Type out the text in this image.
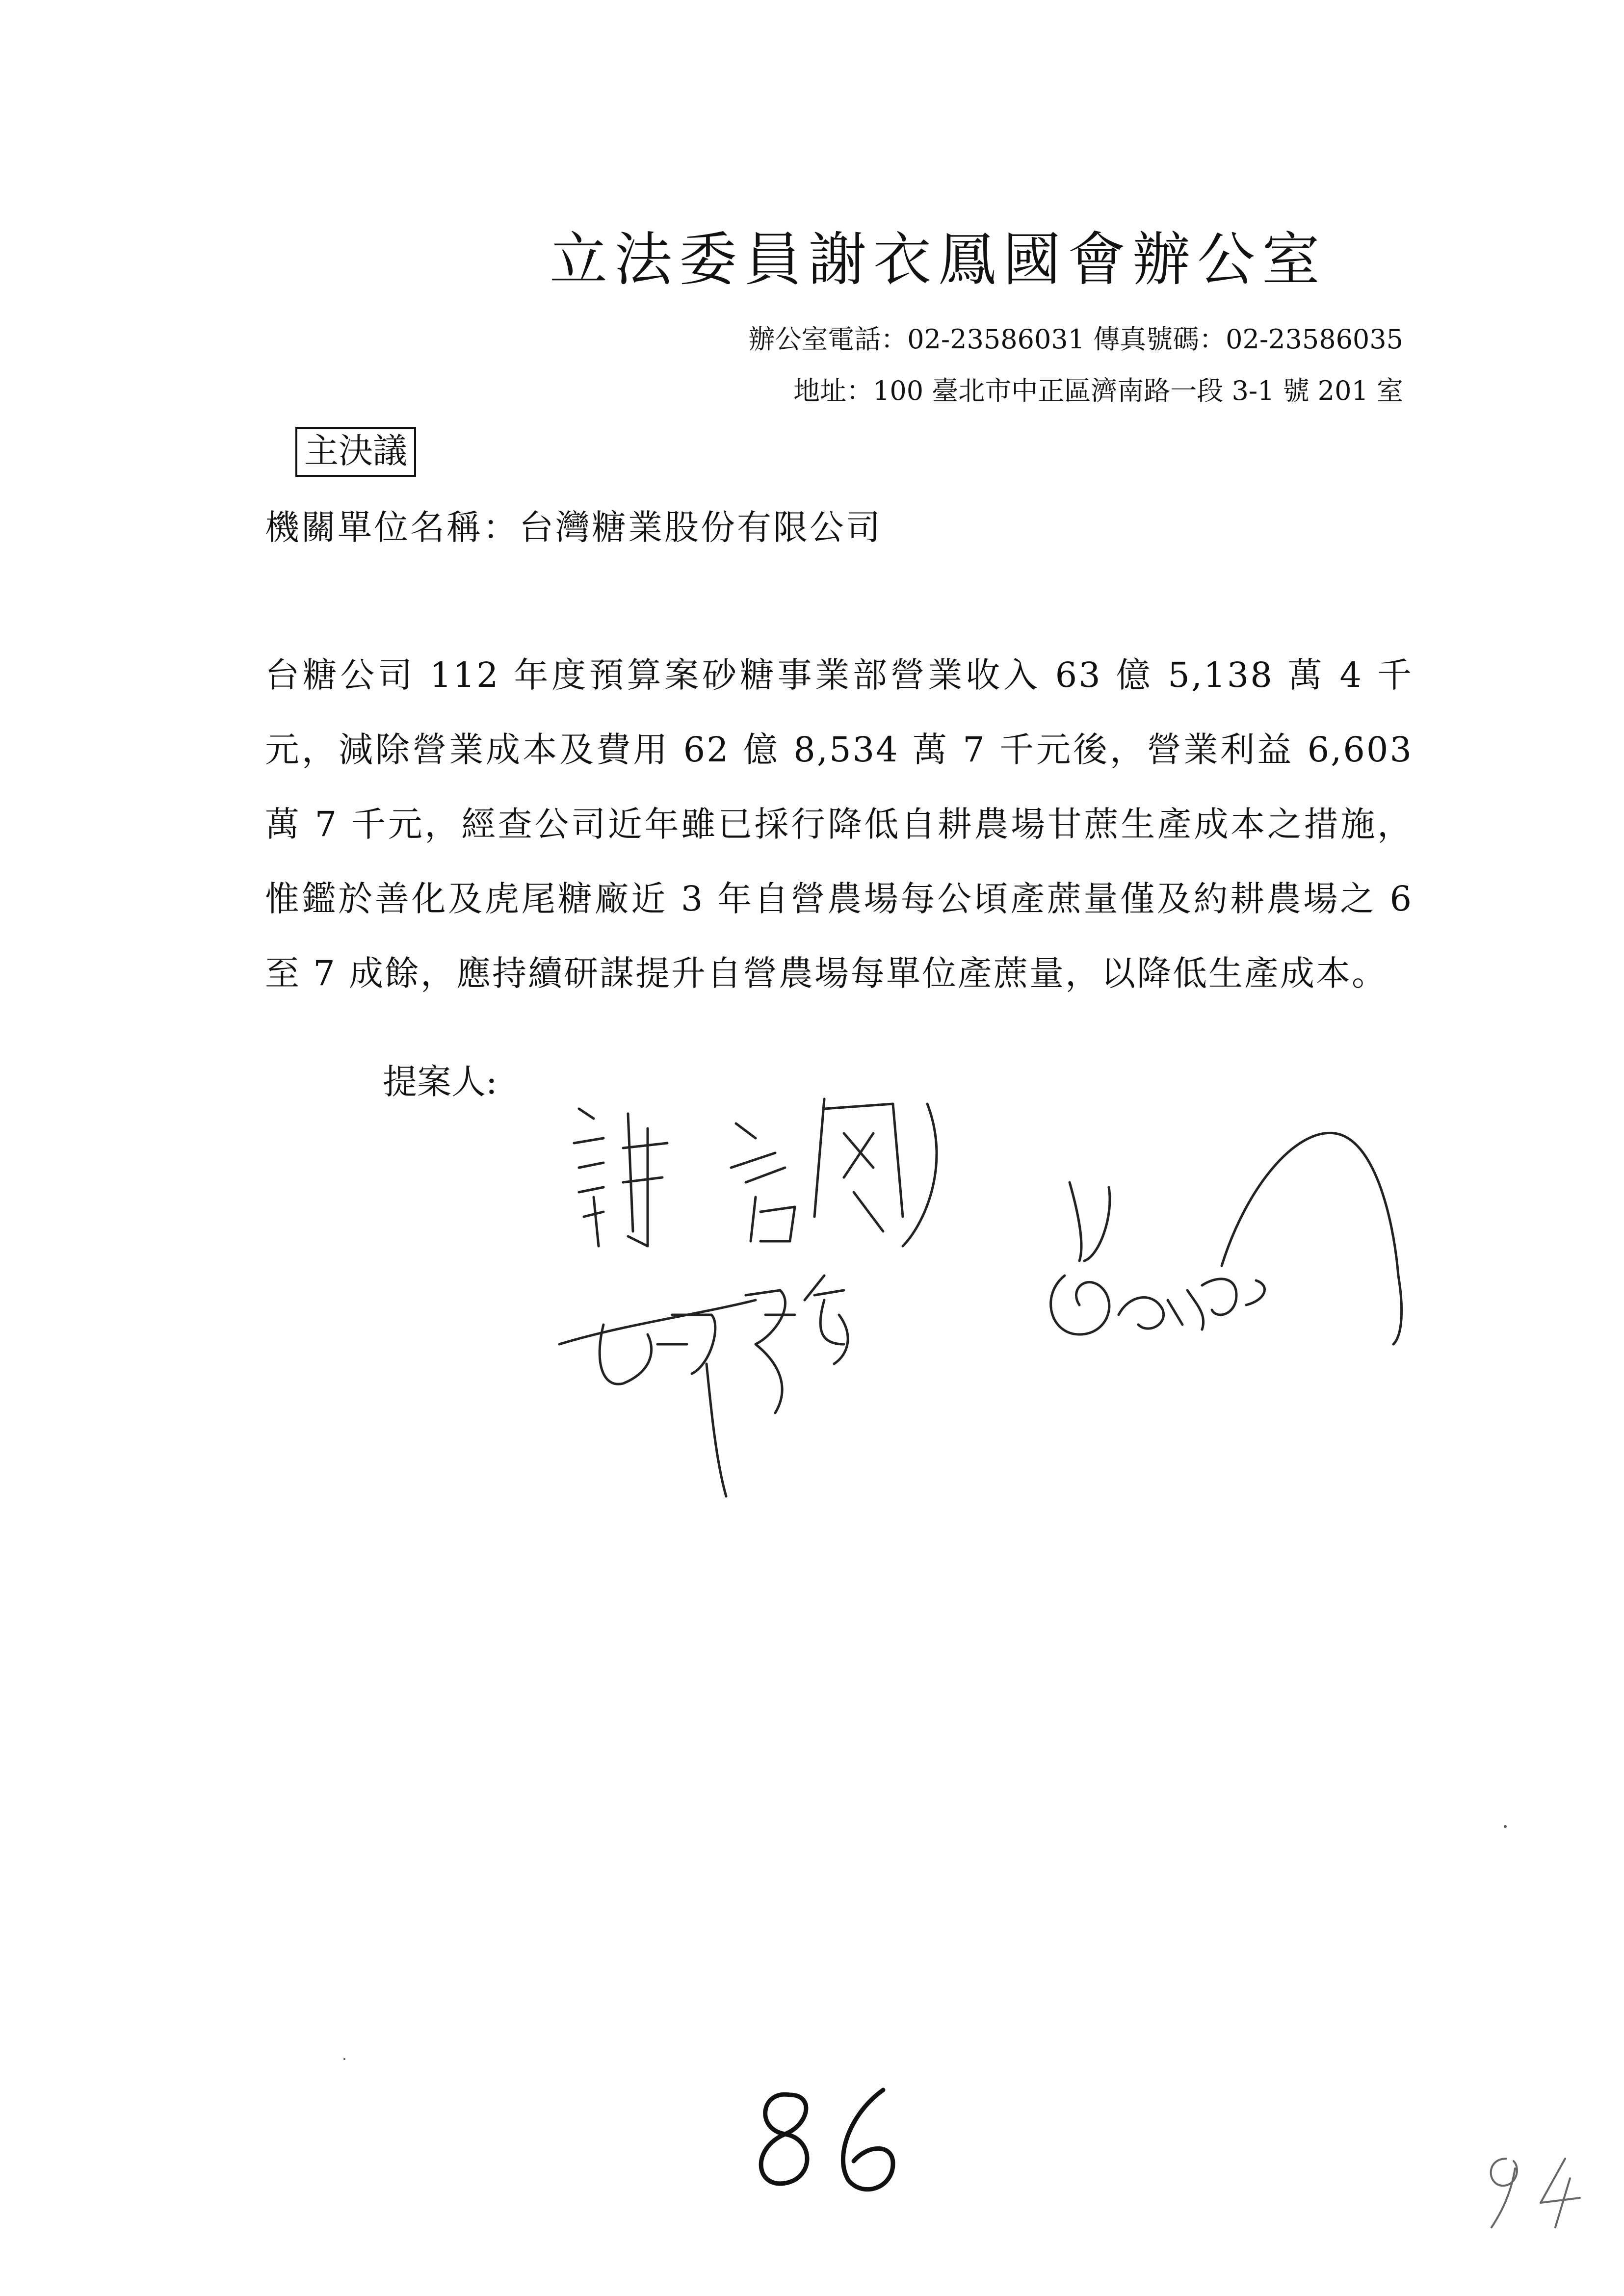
立法委員謝衣鳳國會辦公室
辦公室電話：02-23586031 傳真號碼：02-23586035
地址：100 臺北市中正區濟南路一段 3-1 號 201 室
主決議
機關單位名稱：台灣糖業股份有限公司
台糖公司 112 年度預算案砂糖事業部營業收入 63 億 5,138 萬 4 千元，減除營業成本及費用 62 億 8,534 萬 7 千元後，營業利益 6,603 萬 7 千元，經查公司近年雖已採行降低自耕農場甘蔗生產成本之措施，惟鑑於善化及虎尾糖廠近 3 年自營農場每公頃產蔗量僅及約耕農場之 6 至 7 成餘，應持續研謀提升自營農場每單位產蔗量，以降低生產成本。
提案人:
